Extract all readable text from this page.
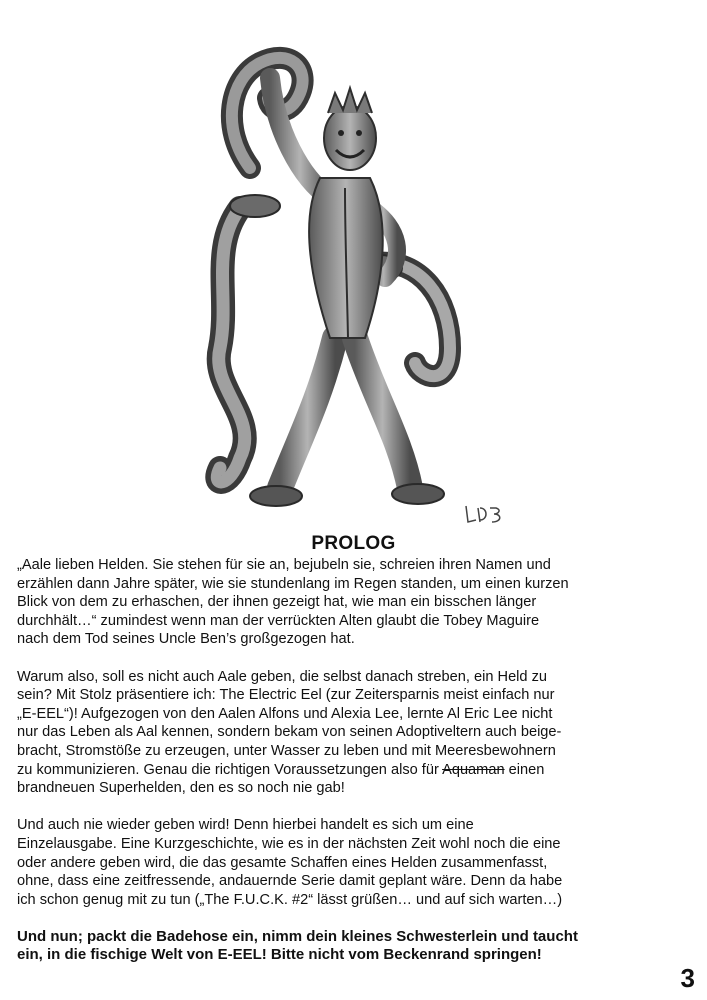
PROLOG
„Aale lieben Helden. Sie stehen für sie an, bejubeln sie, schreien ihren Namen und
erzählen dann Jahre später, wie sie stundenlang im Regen standen, um einen kurzen
Blick von dem zu erhaschen, der ihnen gezeigt hat, wie man ein bisschen länger
durchhält…“ zumindest wenn man der verrückten Alten glaubt die Tobey Maguire
nach dem Tod seines Uncle Ben’s großgezogen hat.
Warum also, soll es nicht auch Aale geben, die selbst danach streben, ein Held zu
sein? Mit Stolz präsentiere ich: The Electric Eel (zur Zeitersparnis meist einfach nur
„E-EEL“)! Aufgezogen von den Aalen Alfons und Alexia Lee, lernte Al Eric Lee nicht
nur das Leben als Aal kennen, sondern bekam von seinen Adoptiveltern auch beige-
bracht, Stromstöße zu erzeugen, unter Wasser zu leben und mit Meeresbewohnern
zu kommunizieren. Genau die richtigen Voraussetzungen also für Aquaman einen
brandneuen Superhelden, den es so noch nie gab!
Und auch nie wieder geben wird! Denn hierbei handelt es sich um eine
Einzelausgabe. Eine Kurzgeschichte, wie es in der nächsten Zeit wohl noch die eine
oder andere geben wird, die das gesamte Schaffen eines Helden zusammenfasst,
ohne, dass eine zeitfressende, andauernde Serie damit geplant wäre. Denn da habe
ich schon genug mit zu tun („The F.U.C.K. #2“ lässt grüßen… und auf sich warten…)
Und nun; packt die Badehose ein, nimm dein kleines Schwesterlein und taucht
ein, in die fischige Welt von E-EEL! Bitte nicht vom Beckenrand springen!
3
